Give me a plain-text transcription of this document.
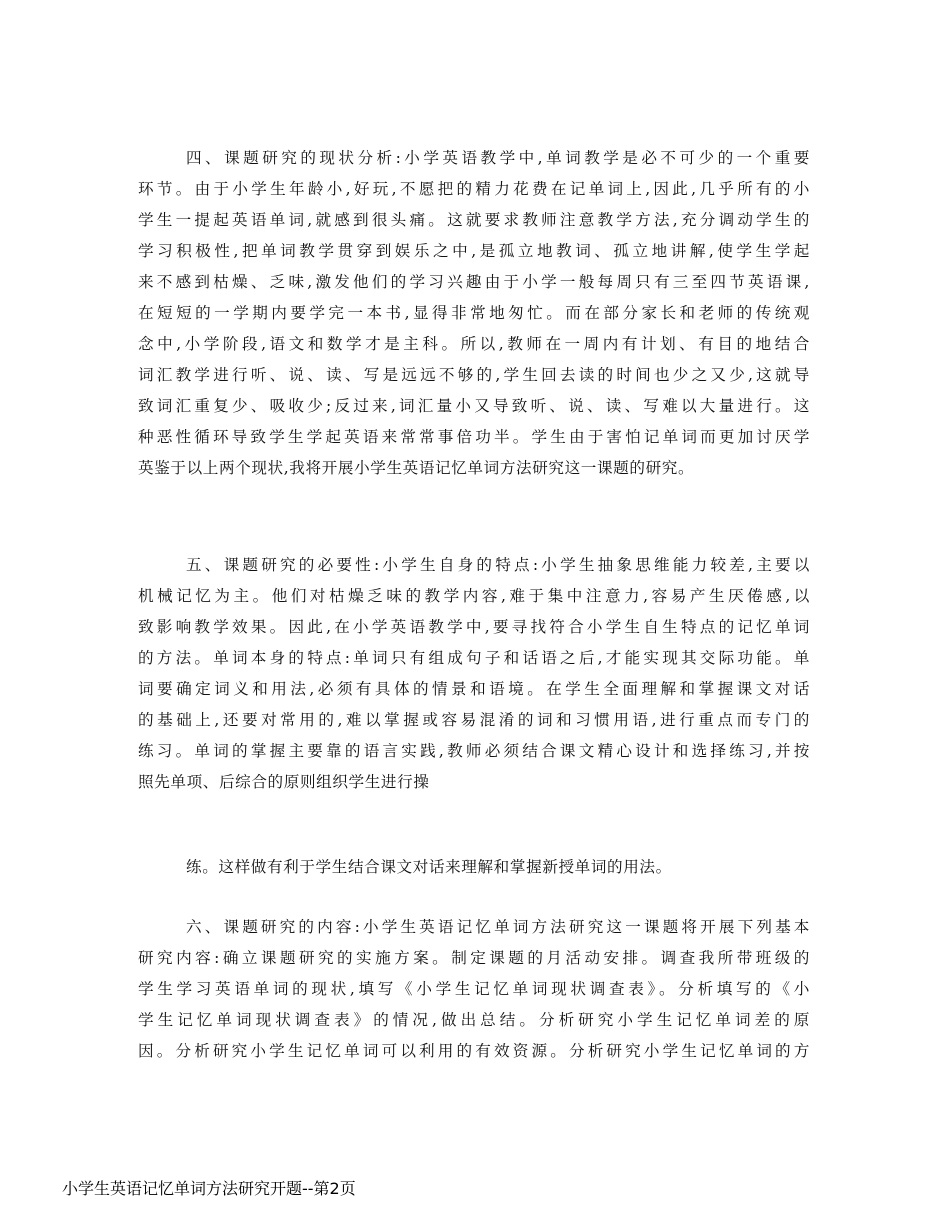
四、课题研究的现状分析:小学英语教学中,单词教学是必不可少的一个重要
环节。由于小学生年龄小,好玩,不愿把的精力花费在记单词上,因此,几乎所有的小
学生一提起英语单词,就感到很头痛。这就要求教师注意教学方法,充分调动学生的
学习积极性,把单词教学贯穿到娱乐之中,是孤立地教词、孤立地讲解,使学生学起
来不感到枯燥、乏味,激发他们的学习兴趣由于小学一般每周只有三至四节英语课,
在短短的一学期内要学完一本书,显得非常地匆忙。而在部分家长和老师的传统观
念中,小学阶段,语文和数学才是主科。所以,教师在一周内有计划、有目的地结合
词汇教学进行听、说、读、写是远远不够的,学生回去读的时间也少之又少,这就导
致词汇重复少、吸收少;反过来,词汇量小又导致听、说、读、写难以大量进行。这
种恶性循环导致学生学起英语来常常事倍功半。学生由于害怕记单词而更加讨厌学
英鉴于以上两个现状,我将开展小学生英语记忆单词方法研究这一课题的研究。
五、课题研究的必要性:小学生自身的特点:小学生抽象思维能力较差,主要以
机械记忆为主。他们对枯燥乏味的教学内容,难于集中注意力,容易产生厌倦感,以
致影响教学效果。因此,在小学英语教学中,要寻找符合小学生自生特点的记忆单词
的方法。单词本身的特点:单词只有组成句子和话语之后,才能实现其交际功能。单
词要确定词义和用法,必须有具体的情景和语境。在学生全面理解和掌握课文对话
的基础上,还要对常用的,难以掌握或容易混淆的词和习惯用语,进行重点而专门的
练习。单词的掌握主要靠的语言实践,教师必须结合课文精心设计和选择练习,并按
照先单项、后综合的原则组织学生进行操
练。这样做有利于学生结合课文对话来理解和掌握新授单词的用法。
六、课题研究的内容:小学生英语记忆单词方法研究这一课题将开展下列基本
研究内容:确立课题研究的实施方案。制定课题的月活动安排。调查我所带班级的
学生学习英语单词的现状,填写《小学生记忆单词现状调查表》。分析填写的《小
学生记忆单词现状调查表》的情况,做出总结。分析研究小学生记忆单词差的原
因。分析研究小学生记忆单词可以利用的有效资源。分析研究小学生记忆单词的方
小学生英语记忆单词方法研究开题--第2页
